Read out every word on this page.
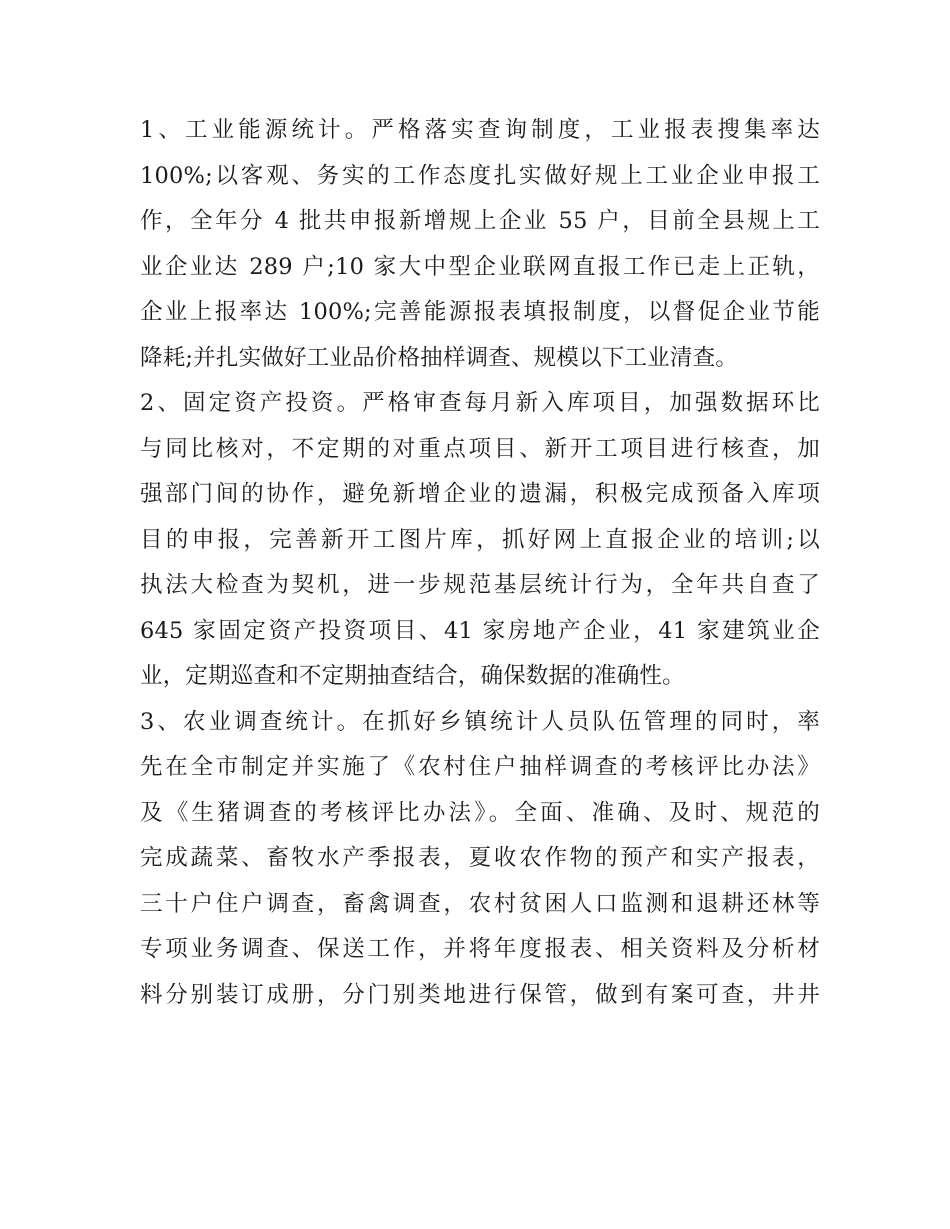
1、工业能源统计。严格落实查询制度，工业报表搜集率达
100%;以客观、务实的工作态度扎实做好规上工业企业申报工
作，全年分 4 批共申报新增规上企业 55 户，目前全县规上工
业企业达 289 户;10 家大中型企业联网直报工作已走上正轨，
企业上报率达 100%;完善能源报表填报制度，以督促企业节能
降耗;并扎实做好工业品价格抽样调查、规模以下工业清查。
2、固定资产投资。严格审查每月新入库项目，加强数据环比
与同比核对，不定期的对重点项目、新开工项目进行核查，加
强部门间的协作，避免新增企业的遗漏，积极完成预备入库项
目的申报，完善新开工图片库，抓好网上直报企业的培训;以
执法大检查为契机，进一步规范基层统计行为，全年共自查了
645 家固定资产投资项目、41 家房地产企业，41 家建筑业企
业，定期巡查和不定期抽查结合，确保数据的准确性。
3、农业调查统计。在抓好乡镇统计人员队伍管理的同时，率
先在全市制定并实施了《农村住户抽样调查的考核评比办法》
及《生猪调查的考核评比办法》。全面、准确、及时、规范的
完成蔬菜、畜牧水产季报表，夏收农作物的预产和实产报表，
三十户住户调查，畜禽调查，农村贫困人口监测和退耕还林等
专项业务调查、保送工作，并将年度报表、相关资料及分析材
料分别装订成册，分门别类地进行保管，做到有案可查，井井
